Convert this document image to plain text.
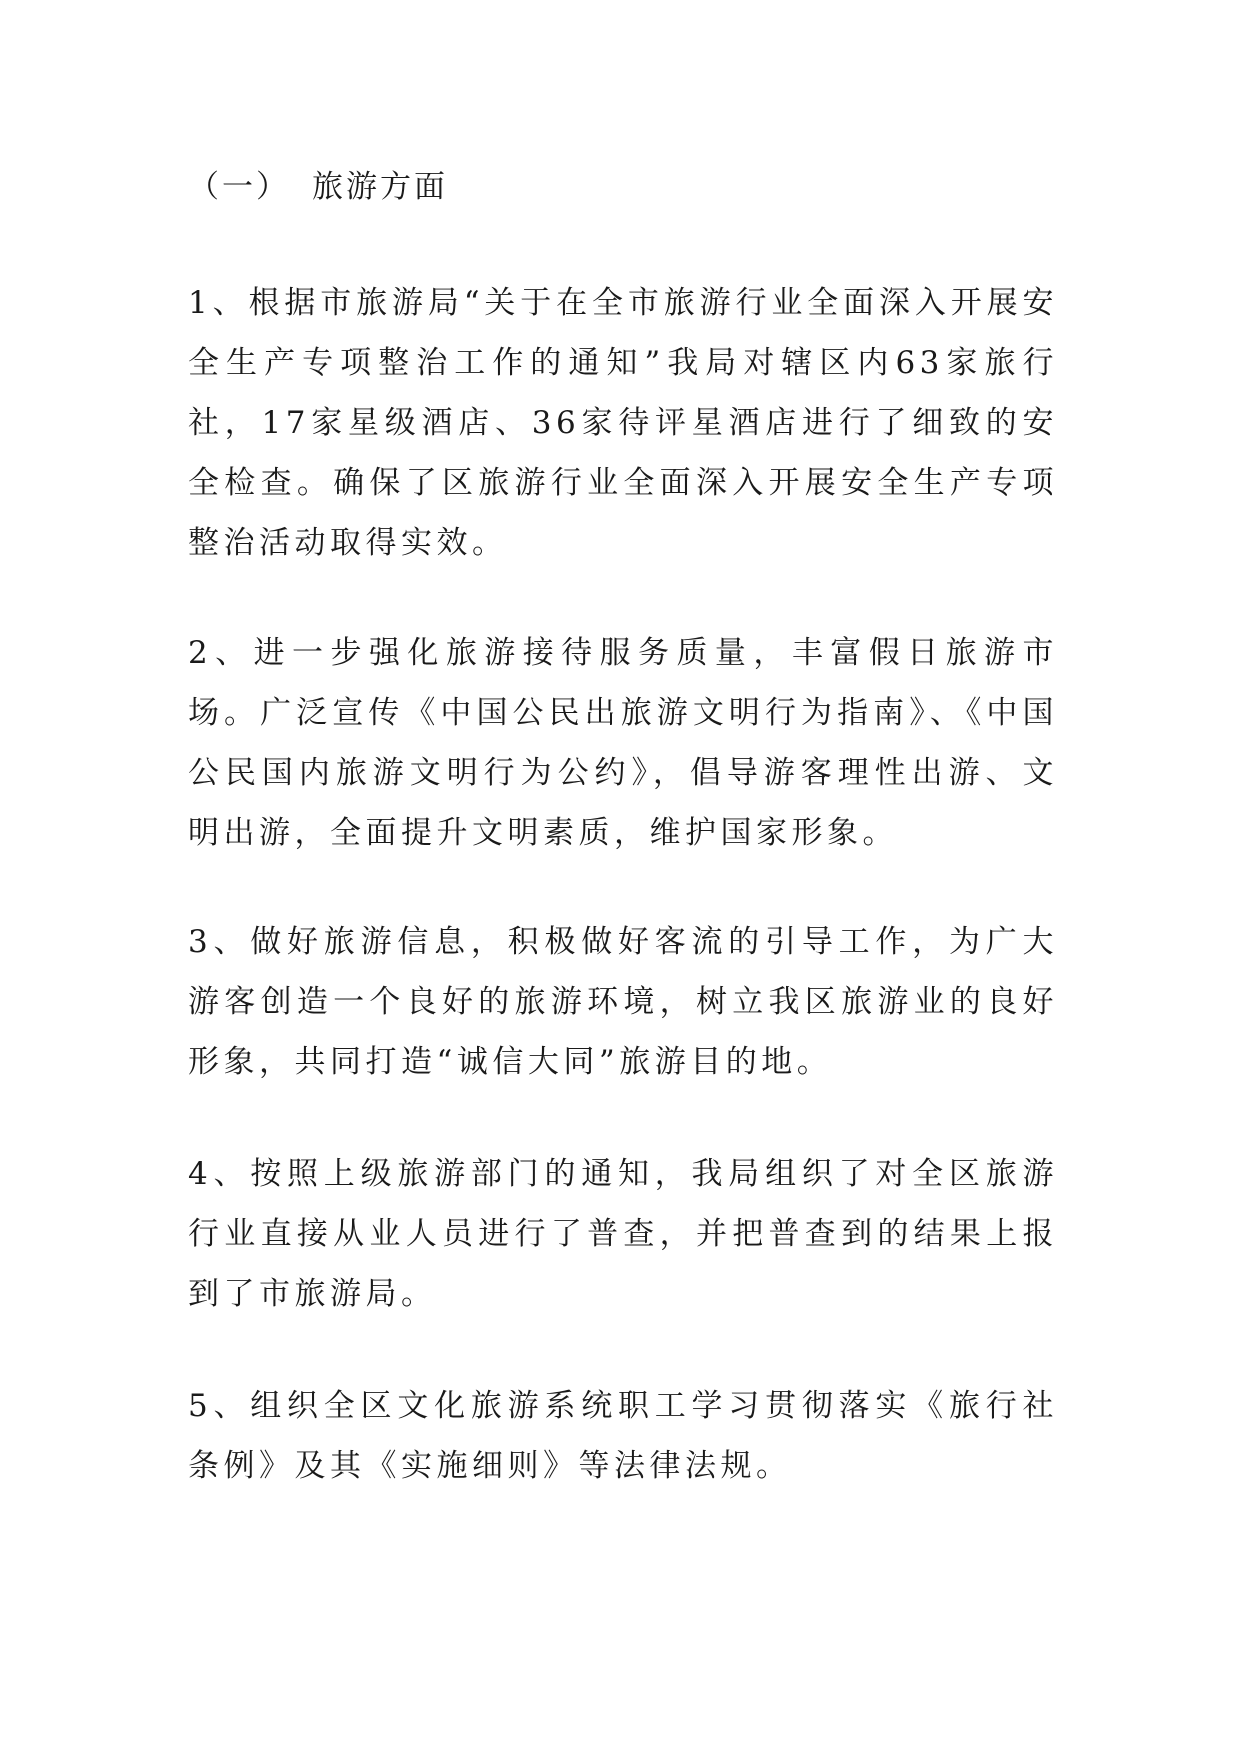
（一） 旅游方面

1、根据市旅游局“关于在全市旅游行业全面深入开展安全生产专项整治工作的通知”我局对辖区内63家旅行社，17家星级酒店、36家待评星酒店进行了细致的安全检查。确保了区旅游行业全面深入开展安全生产专项整治活动取得实效。

2、进一步强化旅游接待服务质量，丰富假日旅游市场。广泛宣传《中国公民出旅游文明行为指南》、《中国公民国内旅游文明行为公约》，倡导游客理性出游、文明出游，全面提升文明素质，维护国家形象。

3、做好旅游信息，积极做好客流的引导工作，为广大游客创造一个良好的旅游环境，树立我区旅游业的良好形象，共同打造“诚信大同”旅游目的地。

4、按照上级旅游部门的通知，我局组织了对全区旅游行业直接从业人员进行了普查，并把普查到的结果上报到了市旅游局。

5、组织全区文化旅游系统职工学习贯彻落实《旅行社条例》及其《实施细则》等法律法规。
